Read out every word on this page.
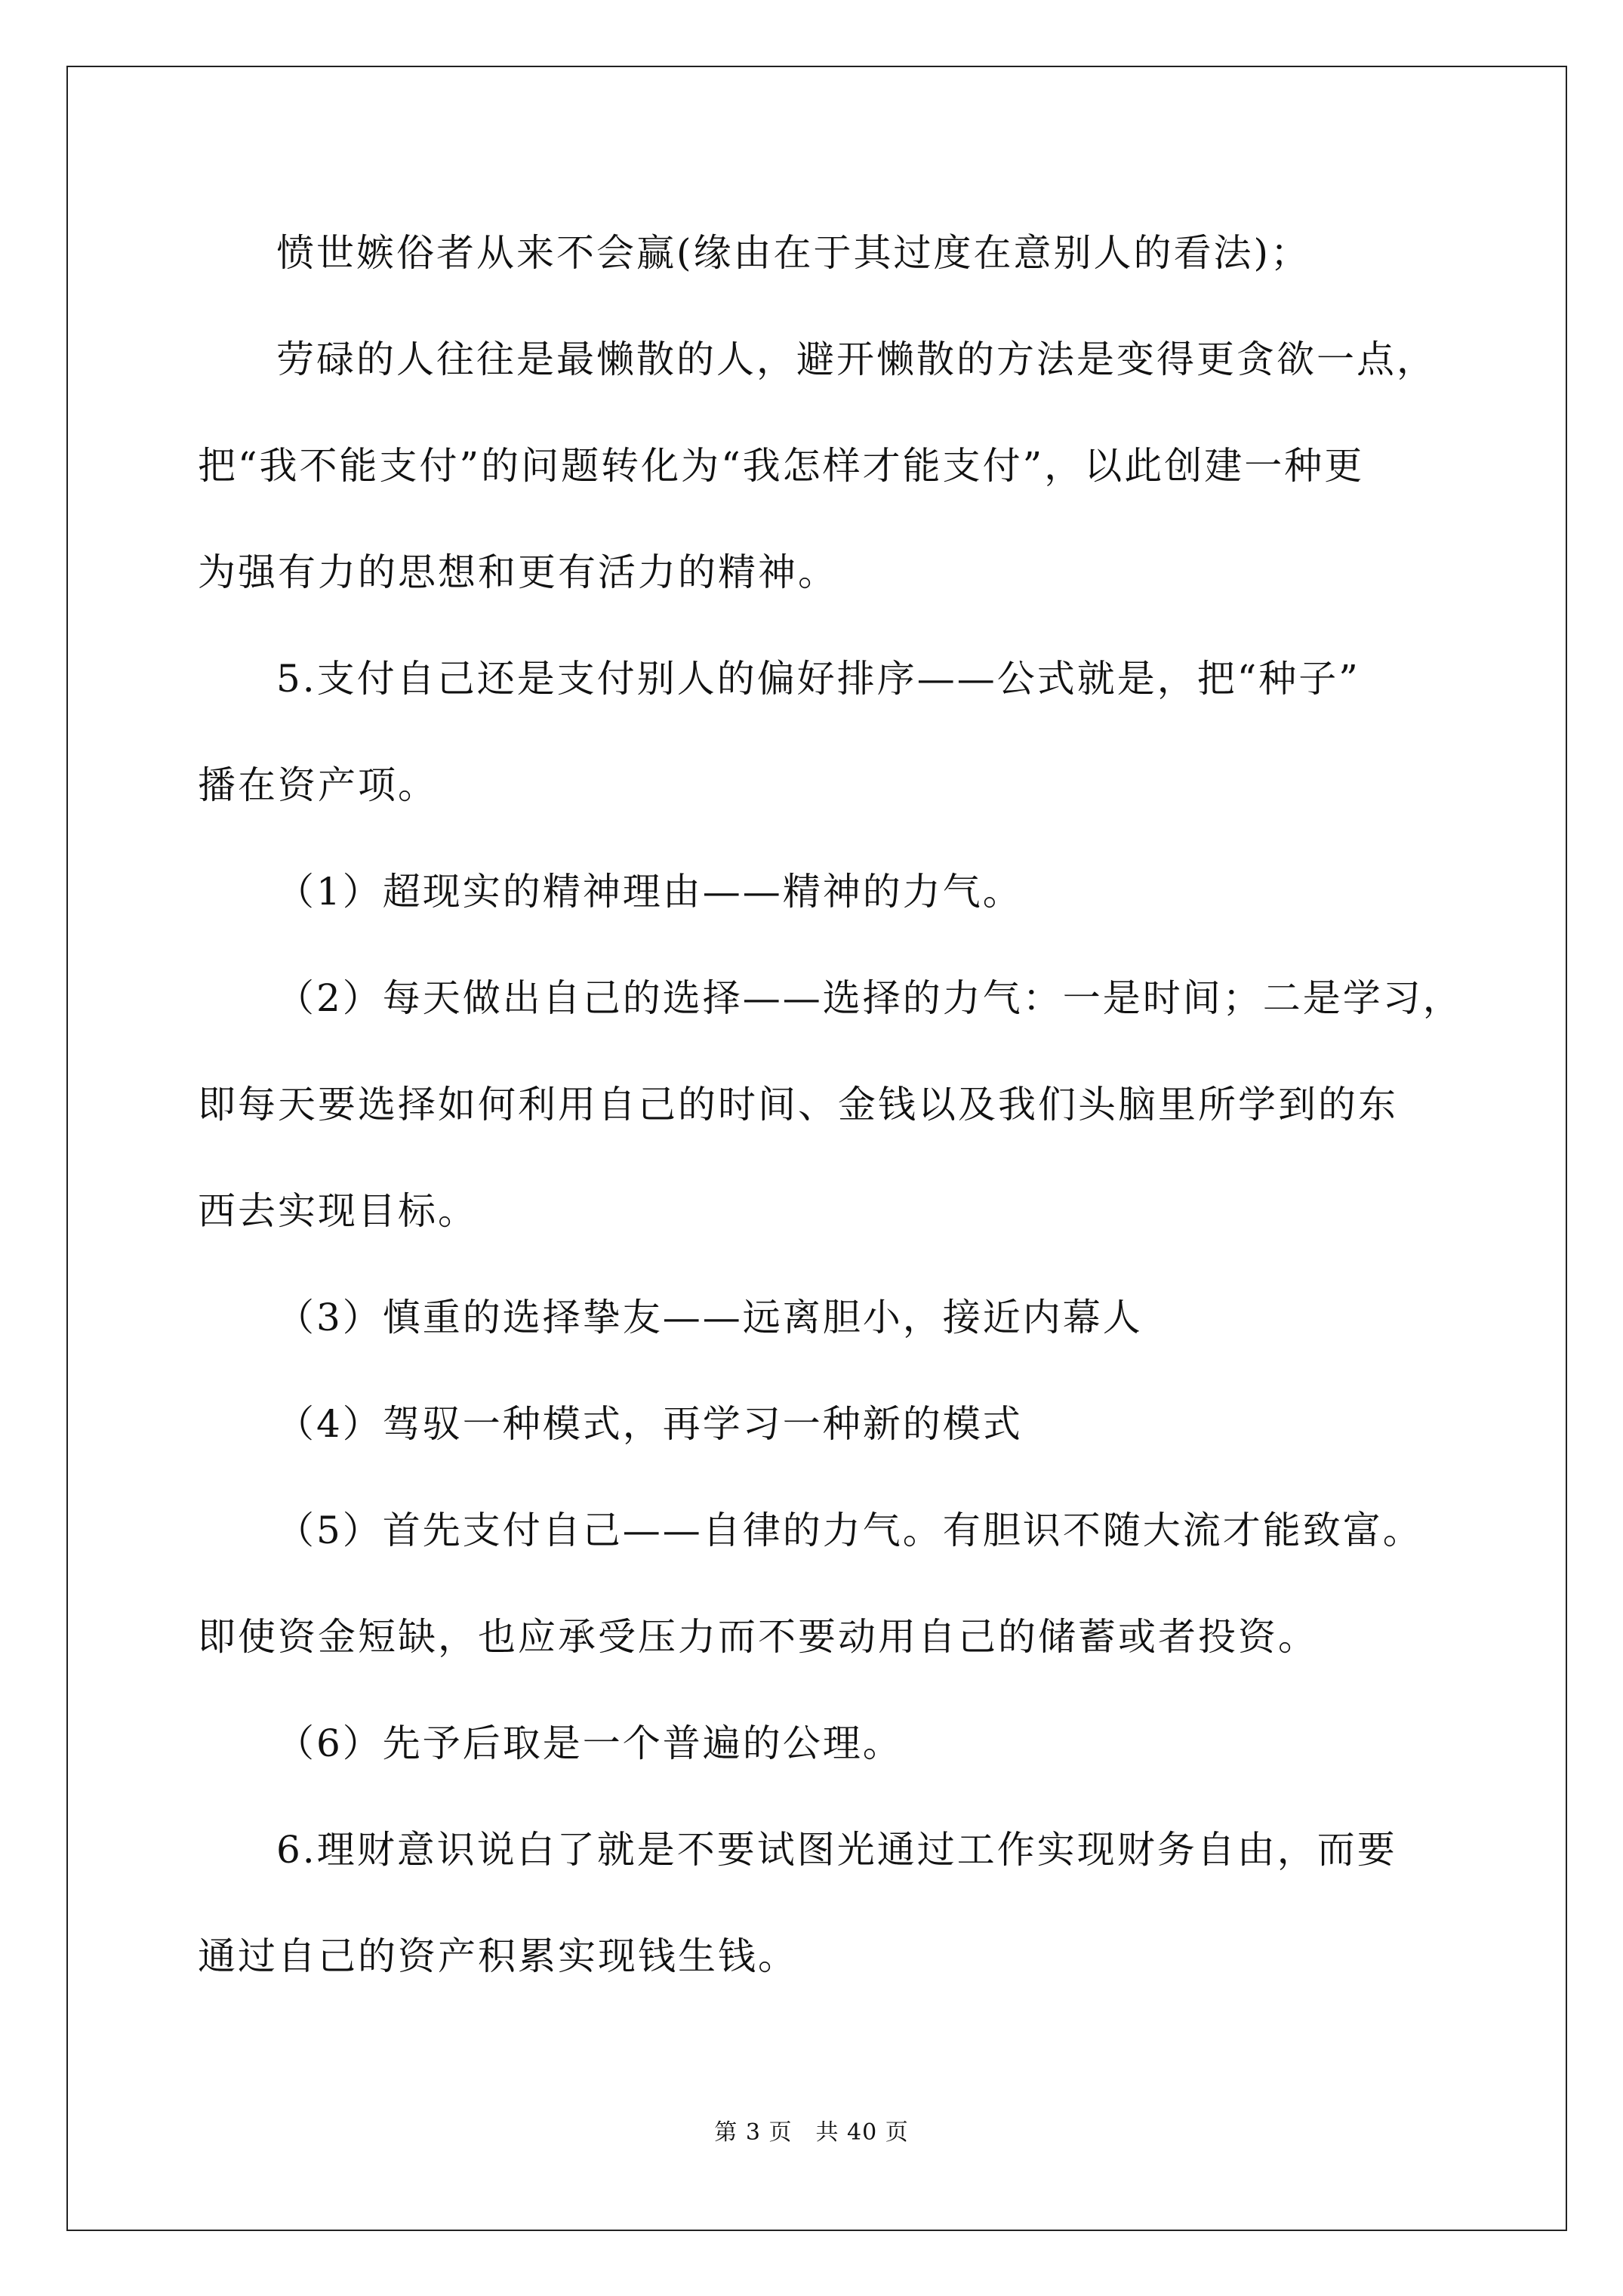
愤世嫉俗者从来不会赢(缘由在于其过度在意别人的看法)；
劳碌的人往往是最懒散的人，避开懒散的方法是变得更贪欲一点，
把“我不能支付”的问题转化为“我怎样才能支付”，以此创建一种更
为强有力的思想和更有活力的精神。
5.支付自己还是支付别人的偏好排序——公式就是，把“种子”
播在资产项。
（1）超现实的精神理由——精神的力气。
（2）每天做出自己的选择——选择的力气：一是时间；二是学习，
即每天要选择如何利用自己的时间、金钱以及我们头脑里所学到的东
西去实现目标。
（3）慎重的选择挚友——远离胆小，接近内幕人
（4）驾驭一种模式，再学习一种新的模式
（5）首先支付自己——自律的力气。有胆识不随大流才能致富。
即使资金短缺，也应承受压力而不要动用自己的储蓄或者投资。
（6）先予后取是一个普遍的公理。
6.理财意识说白了就是不要试图光通过工作实现财务自由，而要
通过自己的资产积累实现钱生钱。
第 3 页　共 40 页
